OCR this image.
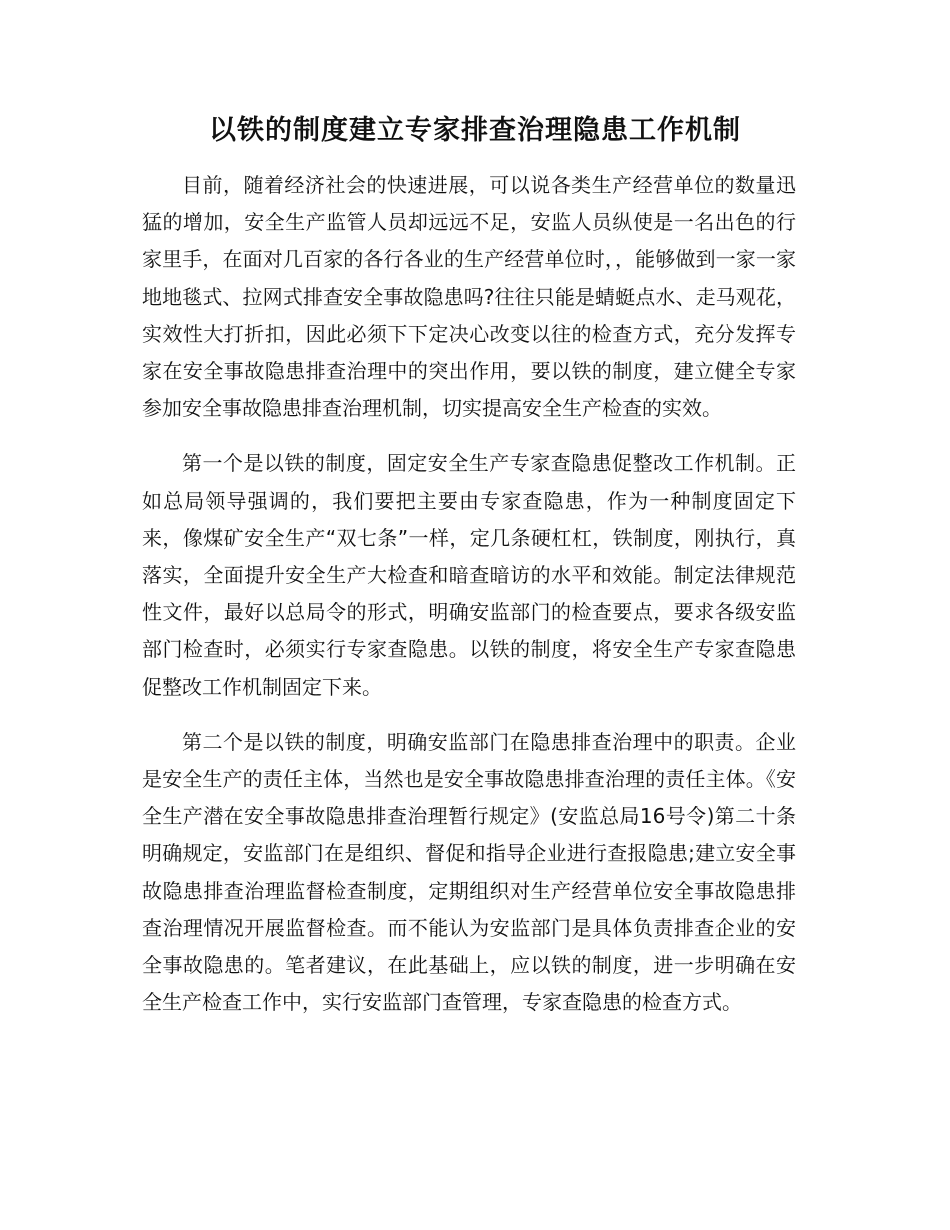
以铁的制度建立专家排查治理隐患工作机制

目前，随着经济社会的快速进展，可以说各类生产经营单位的数量迅猛的增加，安全生产监管人员却远远不足，安监人员纵使是一名出色的行家里手，在面对几百家的各行各业的生产经营单位时，，能够做到一家一家地地毯式、拉网式排查安全事故隐患吗?往往只能是蜻蜓点水、走马观花，实效性大打折扣，因此必须下下定决心改变以往的检查方式，充分发挥专家在安全事故隐患排查治理中的突出作用，要以铁的制度，建立健全专家参加安全事故隐患排查治理机制，切实提高安全生产检查的实效。

第一个是以铁的制度，固定安全生产专家查隐患促整改工作机制。正如总局领导强调的，我们要把主要由专家查隐患，作为一种制度固定下来，像煤矿安全生产“双七条”一样，定几条硬杠杠，铁制度，刚执行，真落实，全面提升安全生产大检查和暗查暗访的水平和效能。制定法律规范性文件，最好以总局令的形式，明确安监部门的检查要点，要求各级安监部门检查时，必须实行专家查隐患。以铁的制度，将安全生产专家查隐患促整改工作机制固定下来。

第二个是以铁的制度，明确安监部门在隐患排查治理中的职责。企业是安全生产的责任主体，当然也是安全事故隐患排查治理的责任主体。《安全生产潜在安全事故隐患排查治理暂行规定》(安监总局16号令)第二十条明确规定，安监部门在是组织、督促和指导企业进行查报隐患;建立安全事故隐患排查治理监督检查制度，定期组织对生产经营单位安全事故隐患排查治理情况开展监督检查。而不能认为安监部门是具体负责排查企业的安全事故隐患的。笔者建议，在此基础上，应以铁的制度，进一步明确在安全生产检查工作中，实行安监部门查管理，专家查隐患的检查方式。
